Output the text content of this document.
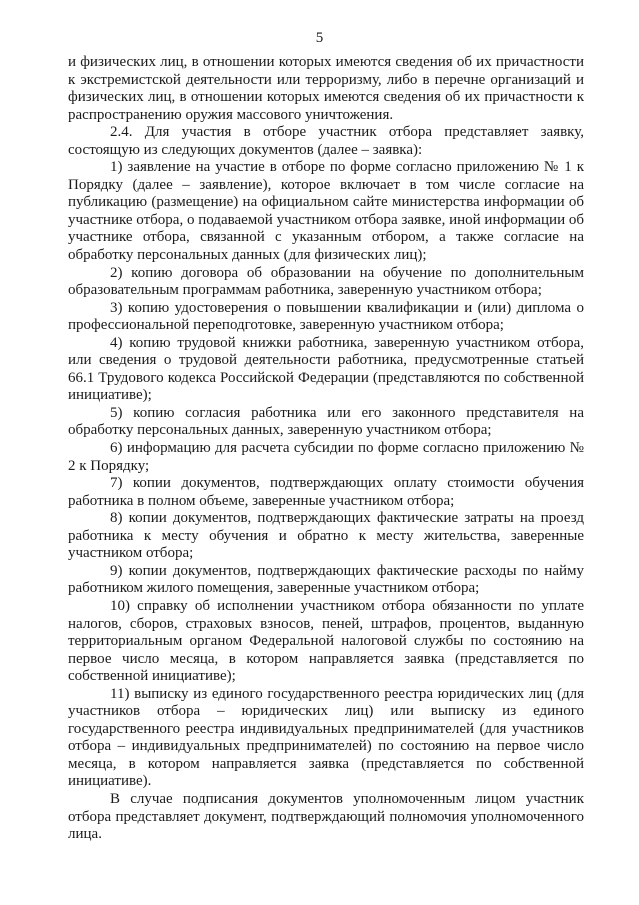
5

и физических лиц, в отношении которых имеются сведения об их причастности к экстремистской деятельности или терроризму, либо в перечне организаций и физических лиц, в отношении которых имеются сведения об их причастности к распространению оружия массового уничтожения.

2.4. Для участия в отборе участник отбора представляет заявку, состоящую из следующих документов (далее – заявка):

1) заявление на участие в отборе по форме согласно приложению № 1 к Порядку (далее – заявление), которое включает в том числе согласие на публикацию (размещение) на официальном сайте министерства информации об участнике отбора, о подаваемой участником отбора заявке, иной информации об участнике отбора, связанной с указанным отбором, а также согласие на обработку персональных данных (для физических лиц);

2) копию договора об образовании на обучение по дополнительным образовательным программам работника, заверенную участником отбора;

3) копию удостоверения о повышении квалификации и (или) диплома о профессиональной переподготовке, заверенную участником отбора;

4) копию трудовой книжки работника, заверенную участником отбора, или сведения о трудовой деятельности работника, предусмотренные статьей 66.1 Трудового кодекса Российской Федерации (представляются по собственной инициативе);

5) копию согласия работника или его законного представителя на обработку персональных данных, заверенную участником отбора;

6) информацию для расчета субсидии по форме согласно приложению № 2 к Порядку;

7) копии документов, подтверждающих оплату стоимости обучения работника в полном объеме, заверенные участником отбора;

8) копии документов, подтверждающих фактические затраты на проезд работника к месту обучения и обратно к месту жительства, заверенные участником отбора;

9) копии документов, подтверждающих фактические расходы по найму работником жилого помещения, заверенные участником отбора;

10) справку об исполнении участником отбора обязанности по уплате налогов, сборов, страховых взносов, пеней, штрафов, процентов, выданную территориальным органом Федеральной налоговой службы по состоянию на первое число месяца, в котором направляется заявка (представляется по собственной инициативе);

11) выписку из единого государственного реестра юридических лиц (для участников отбора – юридических лиц) или выписку из единого государственного реестра индивидуальных предпринимателей (для участников отбора – индивидуальных предпринимателей) по состоянию на первое число месяца, в котором направляется заявка (представляется по собственной инициативе).

В случае подписания документов уполномоченным лицом участник отбора представляет документ, подтверждающий полномочия уполномоченного лица.
